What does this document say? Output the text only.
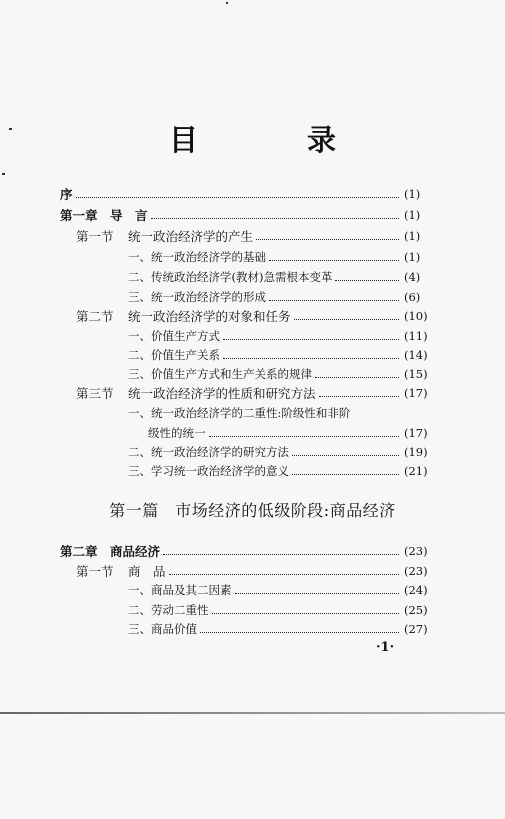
目　录
序	(1)
第一章　导　言	(1)
第一节	统一政治经济学的产生	(1)
一、统一政治经济学的基础	(1)
二、传统政治经济学(教材)急需根本变革	(4)
三、统一政治经济学的形成	(6)
第二节	统一政治经济学的对象和任务	(10)
一、价值生产方式	(11)
二、价值生产关系	(14)
三、价值生产方式和生产关系的规律	(15)
第三节	统一政治经济学的性质和研究方法	(17)
一、统一政治经济学的二重性:阶级性和非阶
级性的统一	(17)
二、统一政治经济学的研究方法	(19)
三、学习统一政治经济学的意义	(21)
第一篇　市场经济的低级阶段:商品经济
第二章　商品经济	(23)
第一节	商　品	(23)
一、商品及其二因素	(24)
二、劳动二重性	(25)
三、商品价值	(27)
·1·
